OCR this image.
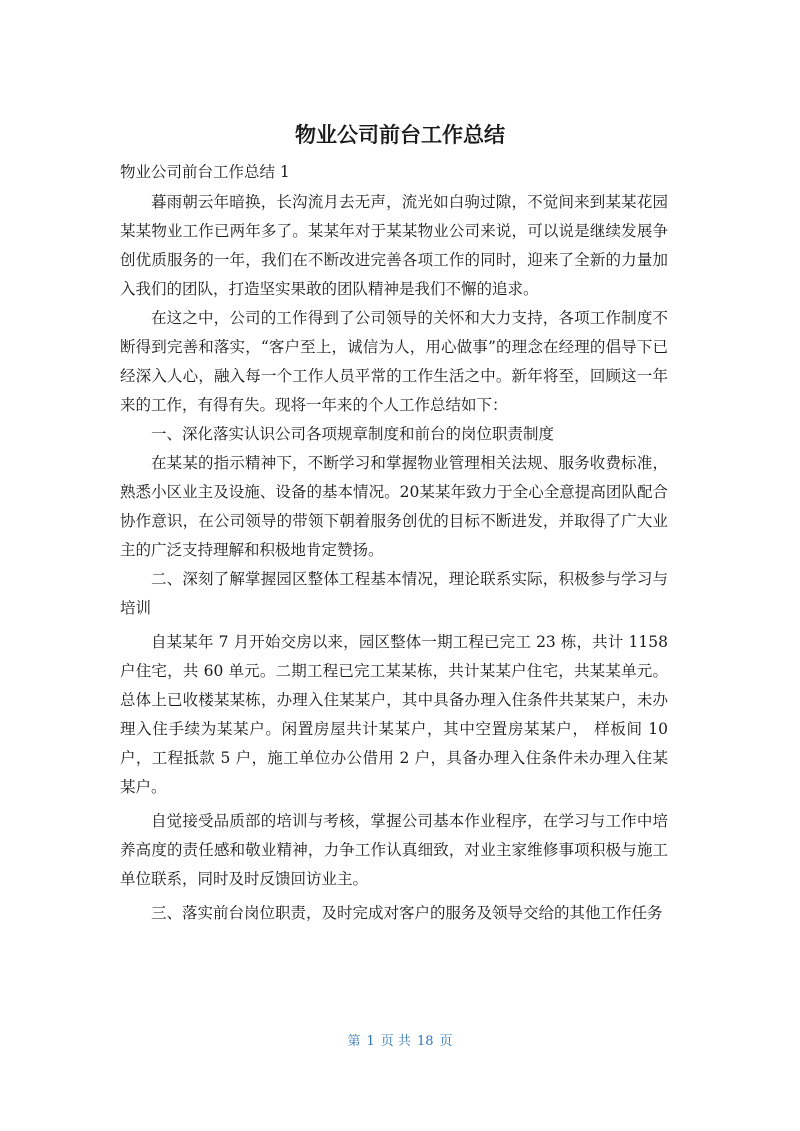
物业公司前台工作总结

物业公司前台工作总结 1

暮雨朝云年暗换，长沟流月去无声，流光如白驹过隙，不觉间来到某某花园某某物业工作已两年多了。某某年对于某某物业公司来说，可以说是继续发展争创优质服务的一年，我们在不断改进完善各项工作的同时，迎来了全新的力量加入我们的团队，打造坚实果敢的团队精神是我们不懈的追求。

在这之中，公司的工作得到了公司领导的关怀和大力支持，各项工作制度不断得到完善和落实，“客户至上，诚信为人，用心做事”的理念在经理的倡导下已经深入人心，融入每一个工作人员平常的工作生活之中。新年将至，回顾这一年来的工作，有得有失。现将一年来的个人工作总结如下：

一、深化落实认识公司各项规章制度和前台的岗位职责制度

在某某的指示精神下，不断学习和掌握物业管理相关法规、服务收费标准，熟悉小区业主及设施、设备的基本情况。20某某年致力于全心全意提高团队配合协作意识，在公司领导的带领下朝着服务创优的目标不断进发，并取得了广大业主的广泛支持理解和积极地肯定赞扬。

二、深刻了解掌握园区整体工程基本情况，理论联系实际，积极参与学习与培训

自某某年 7 月开始交房以来，园区整体一期工程已完工 23 栋，共计 1158 户住宅，共 60 单元。二期工程已完工某某栋，共计某某户住宅，共某某单元。总体上已收楼某某栋，办理入住某某户，其中具备办理入住条件共某某户，未办理入住手续为某某户。闲置房屋共计某某户，其中空置房某某户， 样板间 10 户，工程抵款 5 户，施工单位办公借用 2 户，具备办理入住条件未办理入住某某户。

自觉接受品质部的培训与考核，掌握公司基本作业程序，在学习与工作中培养高度的责任感和敬业精神，力争工作认真细致，对业主家维修事项积极与施工单位联系，同时及时反馈回访业主。

三、落实前台岗位职责，及时完成对客户的服务及领导交给的其他工作任务

第 1 页 共 18 页
